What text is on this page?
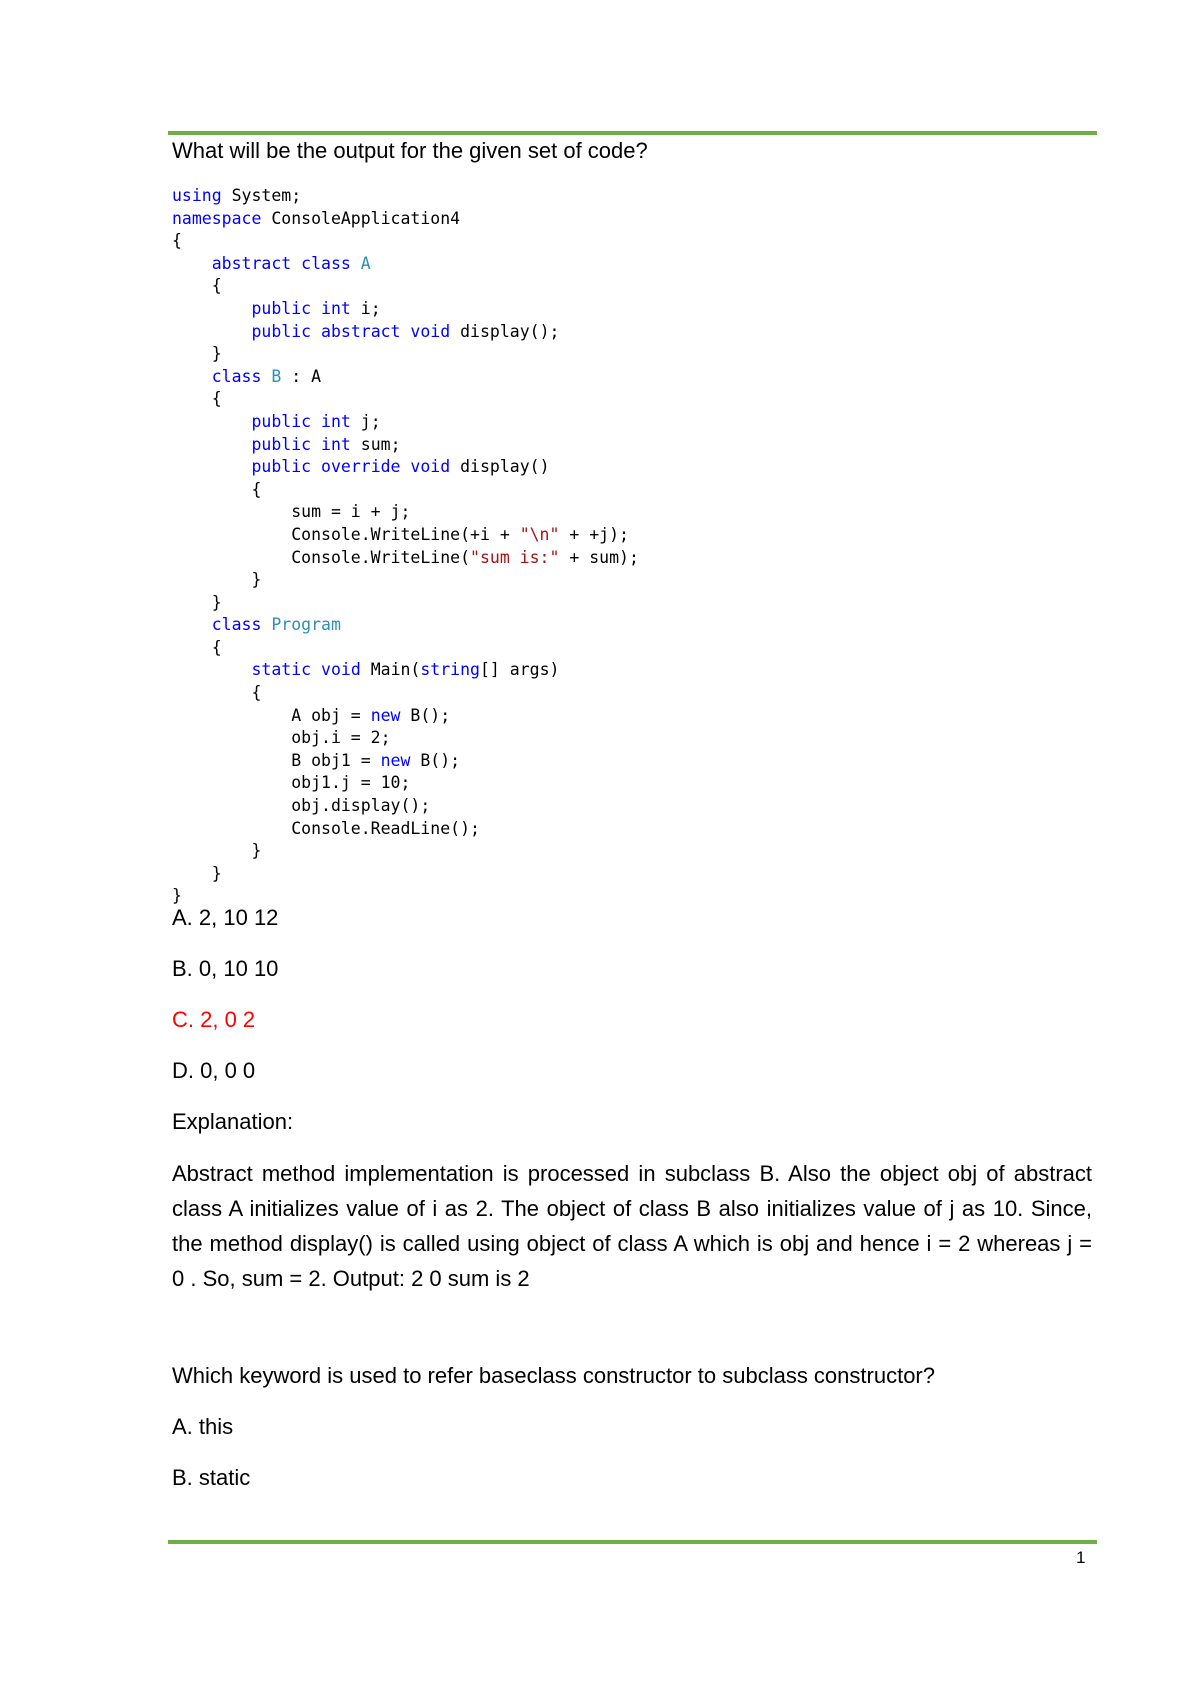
What will be the output for the given set of code?
using System;
namespace ConsoleApplication4
{
abstract class A
{
public int i;
public abstract void display();
}
class B : A
{
public int j;
public int sum;
public override void display()
{
sum = i + j;
Console.WriteLine(+i + "\n" + +j);
Console.WriteLine("sum is:" + sum);
}
}
class Program
{
static void Main(string[] args)
{
A obj = new B();
obj.i = 2;
B obj1 = new B();
obj1.j = 10;
obj.display();
Console.ReadLine();
}
}
}
A. 2, 10 12
B. 0, 10 10
C. 2, 0 2
D. 0, 0 0
Explanation:
Abstract method implementation is processed in subclass B. Also the object obj of abstract class A initializes value of i as 2. The object of class B also initializes value of j as 10. Since, the method display() is called using object of class A which is obj and hence i = 2 whereas j = 0 . So, sum = 2. Output: 2 0 sum is 2
Which keyword is used to refer baseclass constructor to subclass constructor?
A. this
B. static
1
